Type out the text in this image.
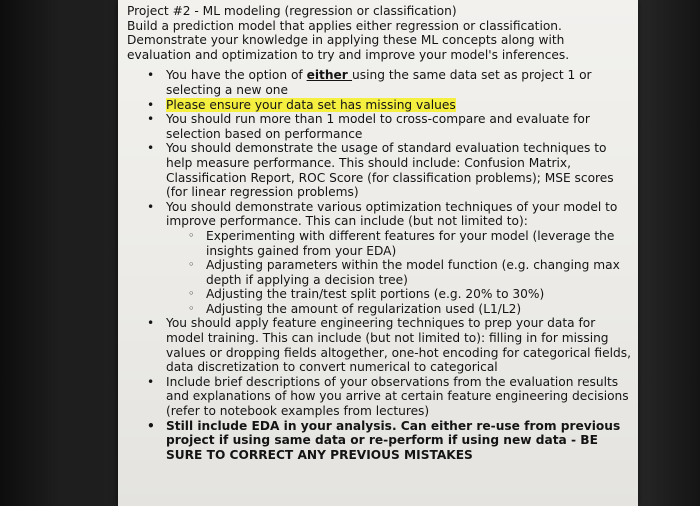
Project #2 - ML modeling (regression or classification)

Build a prediction model that applies either regression or classification.

Demonstrate your knowledge in applying these ML concepts along with

evaluation and optimization to try and improve your model's inferences.

• You have the option of either using the same data set as project 1 or selecting a new one
• Please ensure your data set has missing values
• You should run more than 1 model to cross-compare and evaluate for selection based on performance
• You should demonstrate the usage of standard evaluation techniques to help measure performance. This should include: Confusion Matrix, Classification Report, ROC Score (for classification problems); MSE scores (for linear regression problems)
• You should demonstrate various optimization techniques of your model to improve performance. This can include (but not limited to):
◦ Experimenting with different features for your model (leverage the insights gained from your EDA)
◦ Adjusting parameters within the model function (e.g. changing max depth if applying a decision tree)
◦ Adjusting the train/test split portions (e.g. 20% to 30%)
◦ Adjusting the amount of regularization used (L1/L2)
• You should apply feature engineering techniques to prep your data for model training. This can include (but not limited to): filling in for missing values or dropping fields altogether, one-hot encoding for categorical fields, data discretization to convert numerical to categorical
• Include brief descriptions of your observations from the evaluation results and explanations of how you arrive at certain feature engineering decisions (refer to notebook examples from lectures)
• Still include EDA in your analysis. Can either re-use from previous project if using same data or re-perform if using new data - BE SURE TO CORRECT ANY PREVIOUS MISTAKES
